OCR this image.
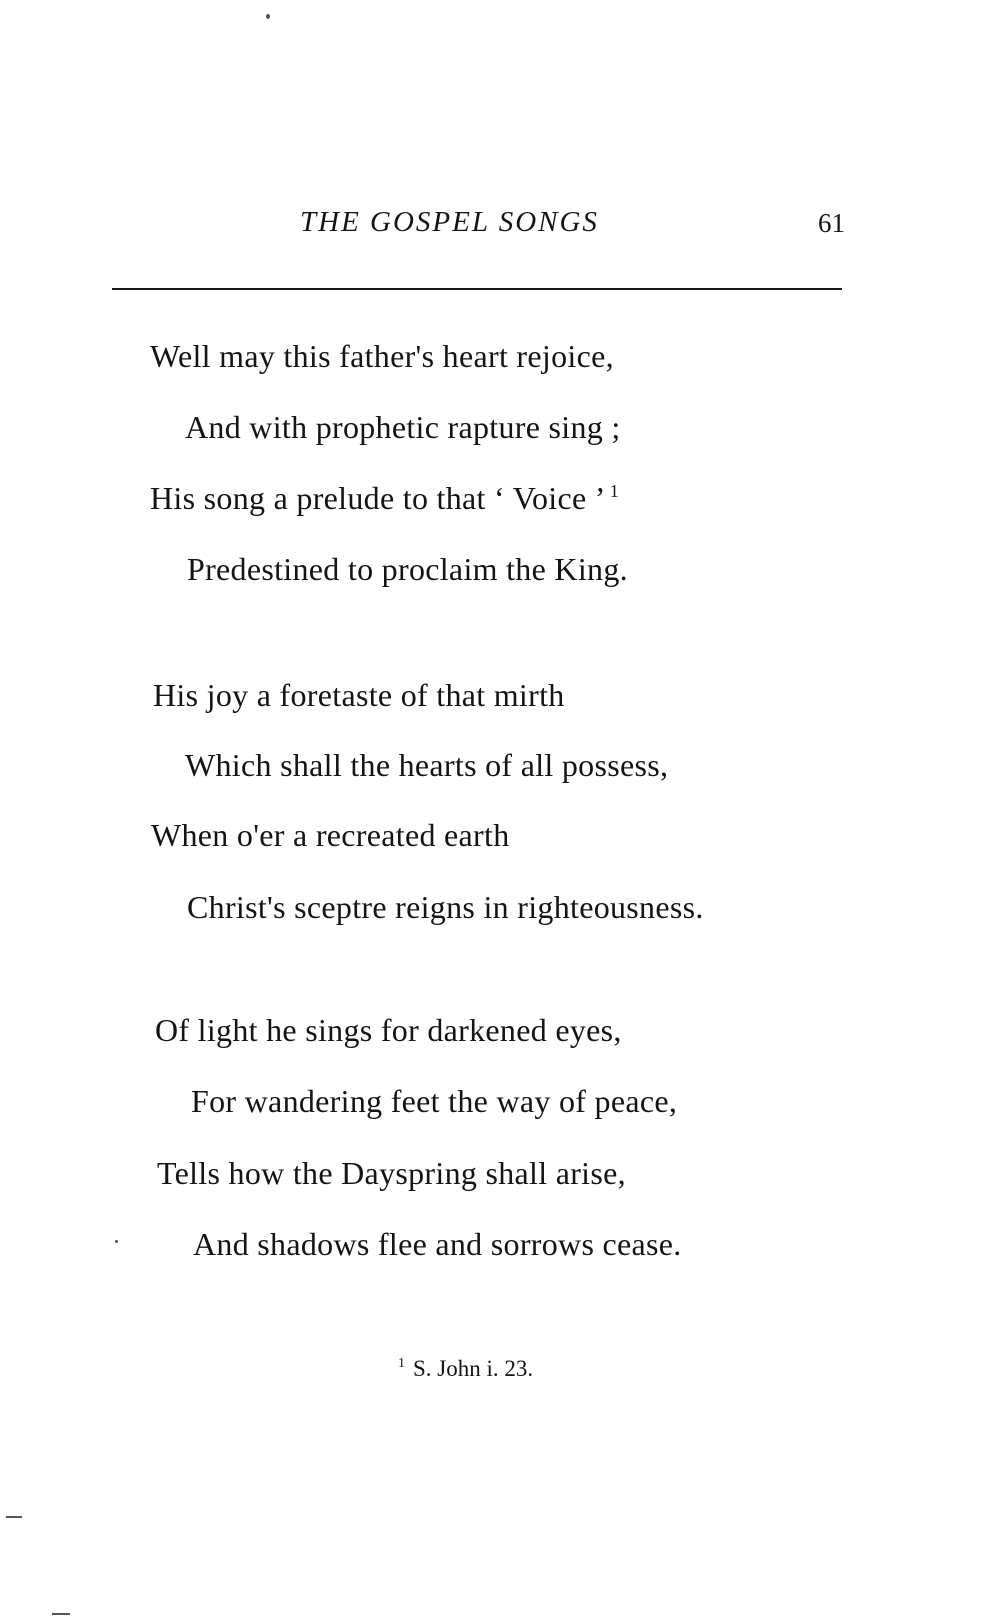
THE GOSPEL SONGS	61
Well may this father's heart rejoice,
And with prophetic rapture sing ;
His song a prelude to that ‘ Voice ’ $^1$
Predestined to proclaim the King.
His joy a foretaste of that mirth
Which shall the hearts of all possess,
When o'er a recreated earth
Christ's sceptre reigns in righteousness.
Of light he sings for darkened eyes,
For wandering feet the way of peace,
Tells how the Dayspring shall arise,
And shadows flee and sorrows cease.
$^1$ S. John i. 23.
